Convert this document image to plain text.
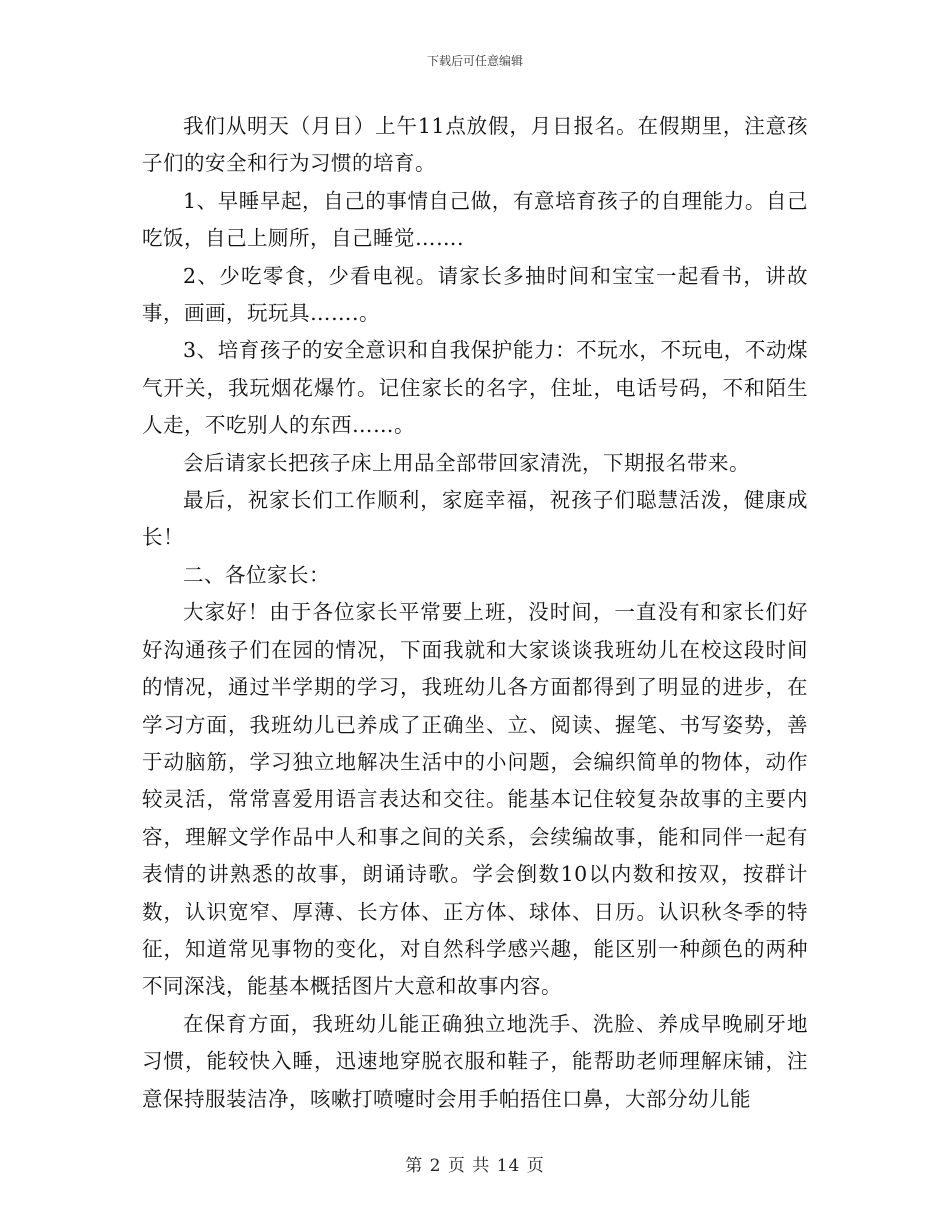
下载后可任意编辑

我们从明天（月日）上午11点放假，月日报名。在假期里，注意孩子们的安全和行为习惯的培育。

1、早睡早起，自己的事情自己做，有意培育孩子的自理能力。自己吃饭，自己上厕所，自己睡觉…….

2、少吃零食，少看电视。请家长多抽时间和宝宝一起看书，讲故事，画画，玩玩具…….。

3、培育孩子的安全意识和自我保护能力：不玩水，不玩电，不动煤气开关，我玩烟花爆竹。记住家长的名字，住址，电话号码，不和陌生人走，不吃别人的东西……。

会后请家长把孩子床上用品全部带回家清洗，下期报名带来。

最后，祝家长们工作顺利，家庭幸福，祝孩子们聪慧活泼，健康成长！

二、各位家长：

大家好！由于各位家长平常要上班，没时间，一直没有和家长们好好沟通孩子们在园的情况，下面我就和大家谈谈我班幼儿在校这段时间的情况，通过半学期的学习，我班幼儿各方面都得到了明显的进步，在学习方面，我班幼儿已养成了正确坐、立、阅读、握笔、书写姿势，善于动脑筋，学习独立地解决生活中的小问题，会编织简单的物体，动作较灵活，常常喜爱用语言表达和交往。能基本记住较复杂故事的主要内容，理解文学作品中人和事之间的关系，会续编故事，能和同伴一起有表情的讲熟悉的故事，朗诵诗歌。学会倒数10以内数和按双，按群计数，认识宽窄、厚薄、长方体、正方体、球体、日历。认识秋冬季的特征，知道常见事物的变化，对自然科学感兴趣，能区别一种颜色的两种不同深浅，能基本概括图片大意和故事内容。

在保育方面，我班幼儿能正确独立地洗手、洗脸、养成早晚刷牙地习惯，能较快入睡，迅速地穿脱衣服和鞋子，能帮助老师理解床铺，注意保持服装洁净，咳嗽打喷嚏时会用手帕捂住口鼻，大部分幼儿能

第 2 页 共 14 页
